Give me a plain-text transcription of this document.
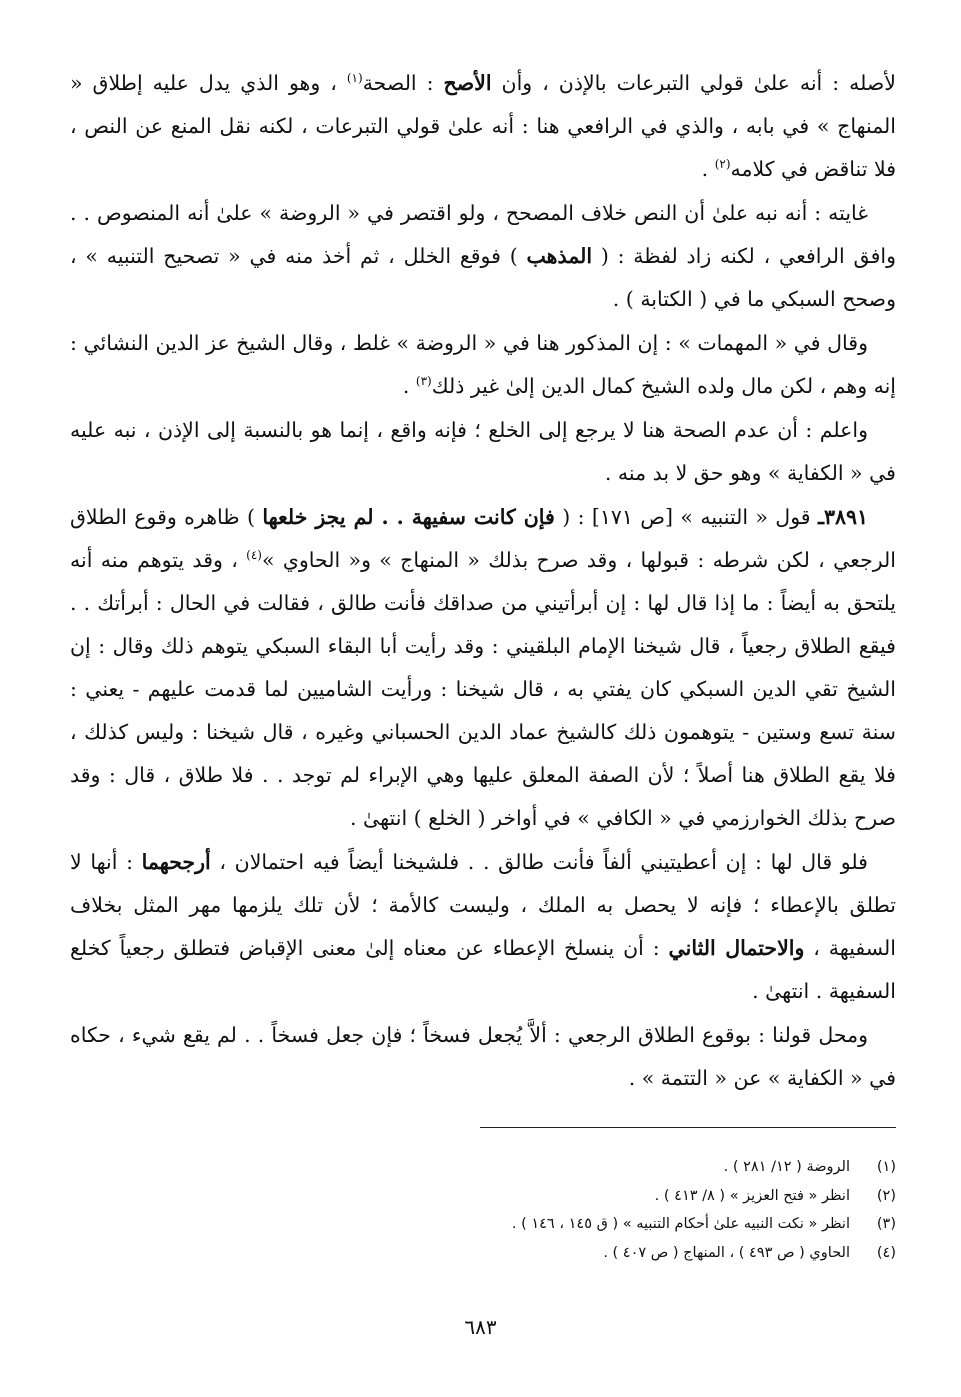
لأصله : أنه علىٰ قولي التبرعات بالإذن ، وأن الأصح : الصحة$^{(١)}$ ، وهو الذي يدل عليه إطلاق « المنهاج » في بابه ، والذي في الرافعي هنا : أنه علىٰ قولي التبرعات ، لكنه نقل المنع عن النص ، فلا تناقض في كلامه$^{(٢)}$ .

غايته : أنه نبه علىٰ أن النص خلاف المصحح ، ولو اقتصر في « الروضة » علىٰ أنه المنصوص . . وافق الرافعي ، لكنه زاد لفظة : ( المذهب ) فوقع الخلل ، ثم أخذ منه في « تصحيح التنبيه » ، وصحح السبكي ما في ( الكتابة ) .

وقال في « المهمات » : إن المذكور هنا في « الروضة » غلط ، وقال الشيخ عز الدين النشائي : إنه وهم ، لكن مال ولده الشيخ كمال الدين إلىٰ غير ذلك$^{(٣)}$ .

واعلم : أن عدم الصحة هنا لا يرجع إلى الخلع ؛ فإنه واقع ، إنما هو بالنسبة إلى الإذن ، نبه عليه في « الكفاية » وهو حق لا بد منه .

٣٨٩١ـ قول « التنبيه » [ص ١٧١] : ( فإن كانت سفيهة . . لم يجز خلعها ) ظاهره وقوع الطلاق الرجعي ، لكن شرطه : قبولها ، وقد صرح بذلك « المنهاج » و« الحاوي »$^{(٤)}$ ، وقد يتوهم منه أنه يلتحق به أيضاً : ما إذا قال لها : إن أبرأتيني من صداقك فأنت طالق ، فقالت في الحال : أبرأتك . . فيقع الطلاق رجعياً ، قال شيخنا الإمام البلقيني : وقد رأيت أبا البقاء السبكي يتوهم ذلك وقال : إن الشيخ تقي الدين السبكي كان يفتي به ، قال شيخنا : ورأيت الشاميين لما قدمت عليهم - يعني : سنة تسع وستين - يتوهمون ذلك كالشيخ عماد الدين الحسباني وغيره ، قال شيخنا : وليس كذلك ، فلا يقع الطلاق هنا أصلاً ؛ لأن الصفة المعلق عليها وهي الإبراء لم توجد . . فلا طلاق ، قال : وقد صرح بذلك الخوارزمي في « الكافي » في أواخر ( الخلع ) انتهىٰ .

فلو قال لها : إن أعطيتيني ألفاً فأنت طالق . . فلشيخنا أيضاً فيه احتمالان ، أرجحهما : أنها لا تطلق بالإعطاء ؛ فإنه لا يحصل به الملك ، وليست كالأمة ؛ لأن تلك يلزمها مهر المثل بخلاف السفيهة ، والاحتمال الثاني : أن ينسلخ الإعطاء عن معناه إلىٰ معنى الإقباض فتطلق رجعياً كخلع السفيهة . انتهىٰ .

ومحل قولنا : بوقوع الطلاق الرجعي : ألاَّ يُجعل فسخاً ؛ فإن جعل فسخاً . . لم يقع شيء ، حكاه في « الكفاية » عن « التتمة » .

(١)
الروضة ( ١٢/ ٢٨١ ) .
(٢)
انظر « فتح العزيز » ( ٨/ ٤١٣ ) .
(٣)
انظر « نكت النبيه علىٰ أحكام التنبيه » ( ق ١٤٥ ، ١٤٦ ) .
(٤)
الحاوي ( ص ٤٩٣ ) ، المنهاج ( ص ٤٠٧ ) .
٦٨٣
